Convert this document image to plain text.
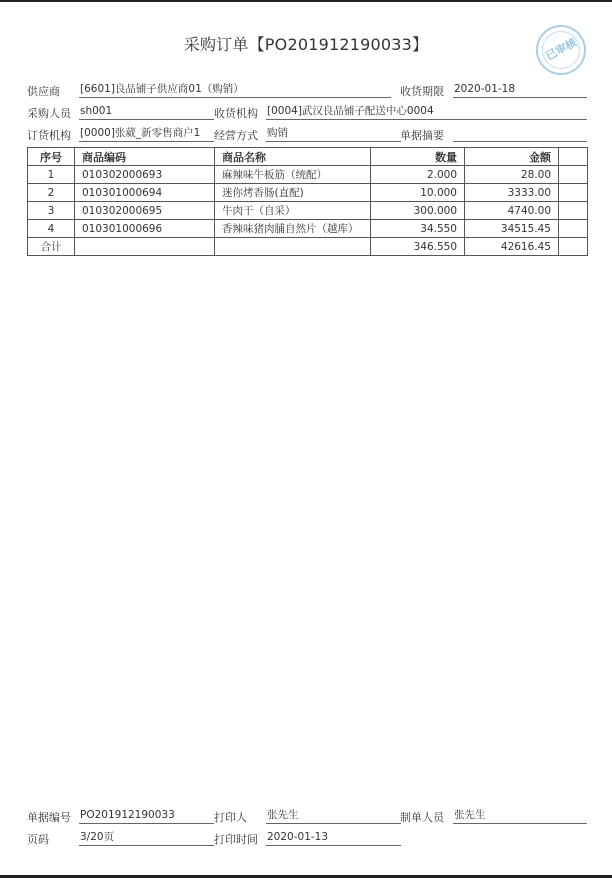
采购订单【PO201912190033】	已审核
供应商 [6601]良品铺子供应商01（购销）	收货期限 2020-01-18
采购人员 sh001	收货机构 [0004]武汉良品铺子配送中心0004
订货机构 [0000]张葳_新零售商户1	经营方式 购销	单据摘要
序号	商品编码	商品名称	数量	金额	
1	010302000693	麻辣味牛板筋（统配）	2.000	28.00	
2	010301000694	迷你烤香肠(直配)	10.000	3333.00	
3	010302000695	牛肉干（自采）	300.000	4740.00	
4	010301000696	香辣味猪肉脯自然片（越库）	34.550	34515.45	
合计			346.550	42616.45	
单据编号 PO201912190033	打印人 张先生	制单人员 张先生
页码	3/20页	打印时间 2020-01-13
